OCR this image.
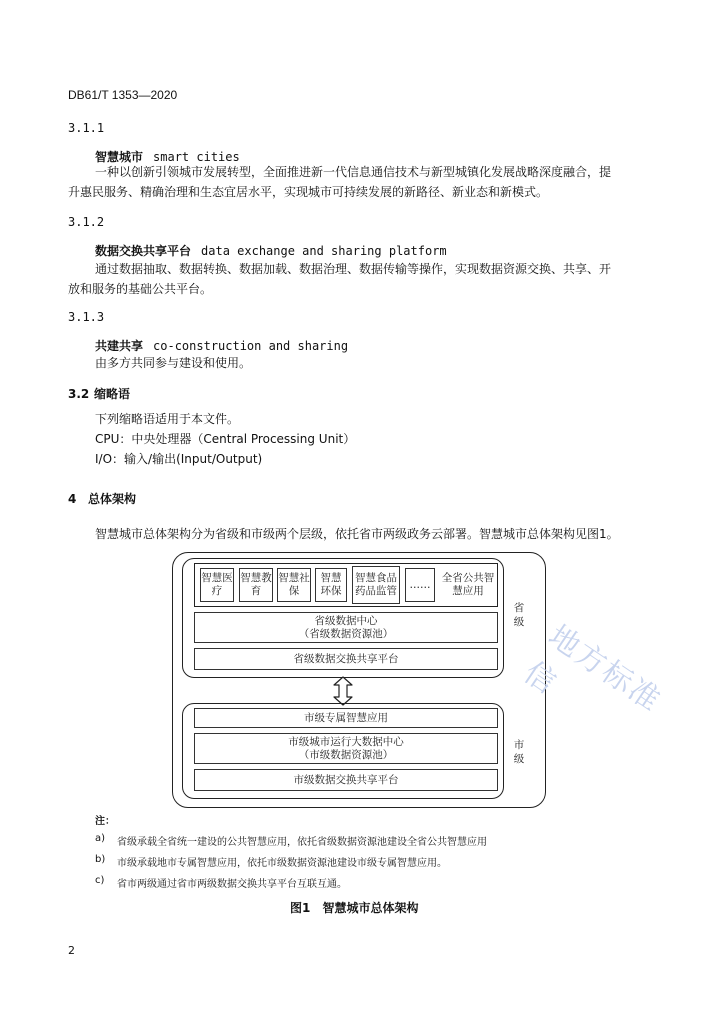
DB61/T 1353—2020
3.1.1
智慧城市 smart cities
一种以创新引领城市发展转型，全面推进新一代信息通信技术与新型城镇化发展战略深度融合，提
升惠民服务、精确治理和生态宜居水平，实现城市可持续发展的新路径、新业态和新模式。
3.1.2
数据交换共享平台 data exchange and sharing platform
通过数据抽取、数据转换、数据加载、数据治理、数据传输等操作，实现数据资源交换、共享、开
放和服务的基础公共平台。
3.1.3
共建共享 co-construction and sharing
由多方共同参与建设和使用。
3.2 缩略语
下列缩略语适用于本文件。
CPU：中央处理器（Central Processing Unit）
I/O：输入/输出(Input/Output)
4 总体架构
智慧城市总体架构分为省级和市级两个层级，依托省市两级政务云部署。智慧城市总体架构见图1。
智慧医疗
智慧教育
智慧社保
智慧环保
智慧食品药品监管
……
全省公共智慧应用
省级数据中心
（省级数据资源池）
省级数据交换共享平台
省级
市级专属智慧应用
市级城市运行大数据中心
（市级数据资源池）
市级数据交换共享平台
市级
注：
a) 省级承载全省统一建设的公共智慧应用，依托省级数据资源池建设全省公共智慧应用
b) 市级承载地市专属智慧应用，依托市级数据资源池建设市级专属智慧应用。
c) 省市两级通过省市两级数据交换共享平台互联互通。
图1 智慧城市总体架构
2
地方标准信
